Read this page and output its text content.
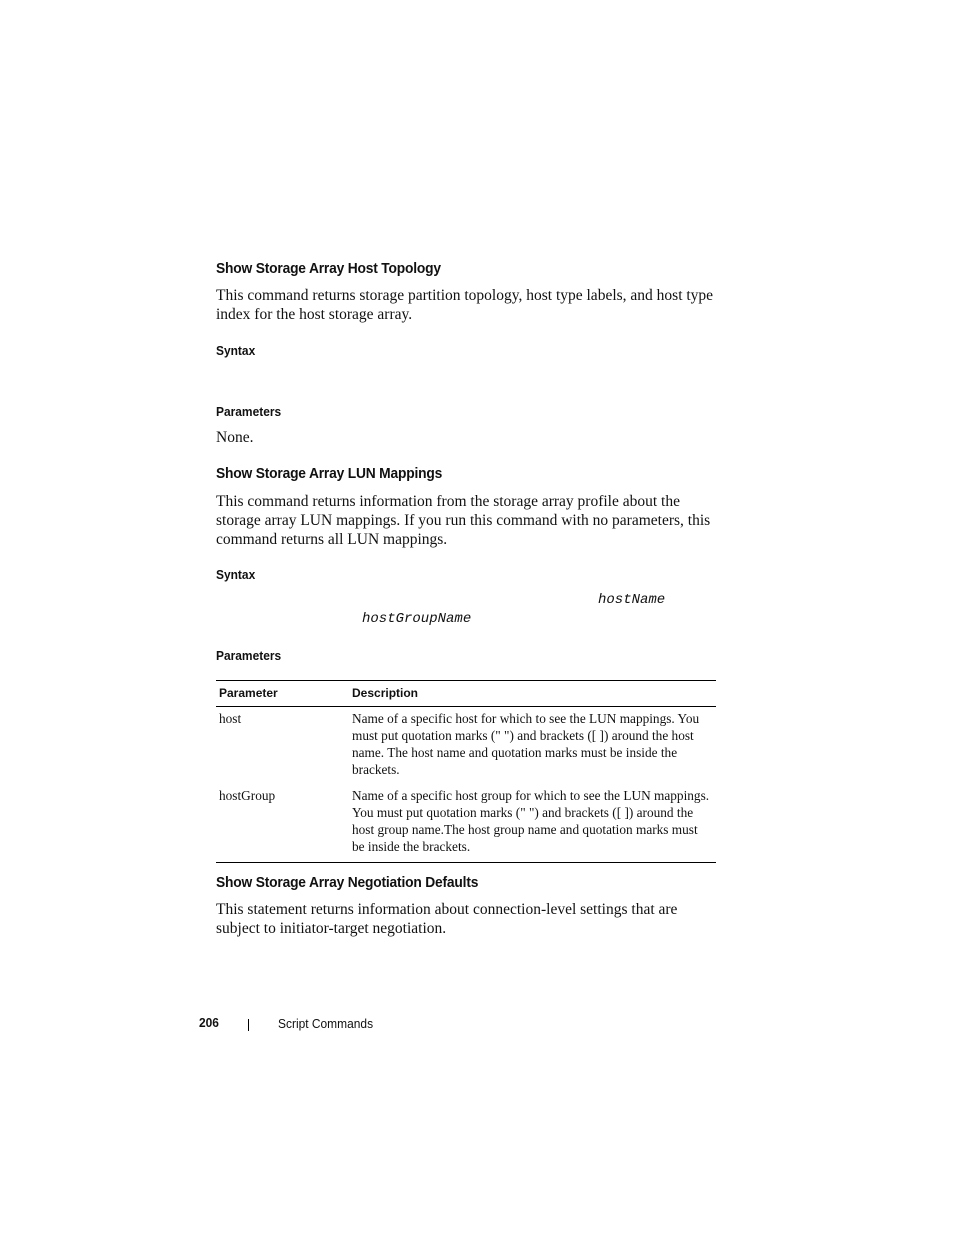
Show Storage Array Host Topology
This command returns storage partition topology, host type labels, and host type index for the host storage array.
Syntax
Parameters
None.
Show Storage Array LUN Mappings
This command returns information from the storage array profile about the storage array LUN mappings. If you run this command with no parameters, this command returns all LUN mappings.
Syntax
hostName
hostGroupName
Parameters
Parameter	Description
host	Name of a specific host for which to see the LUN mappings. You must put quotation marks (" ") and brackets ([ ]) around the host name. The host name and quotation marks must be inside the brackets.
hostGroup	Name of a specific host group for which to see the LUN mappings. You must put quotation marks (" ") and brackets ([ ]) around the host group name.The host group name and quotation marks must be inside the brackets.
Show Storage Array Negotiation Defaults
This statement returns information about connection-level settings that are subject to initiator-target negotiation.
206	Script Commands
